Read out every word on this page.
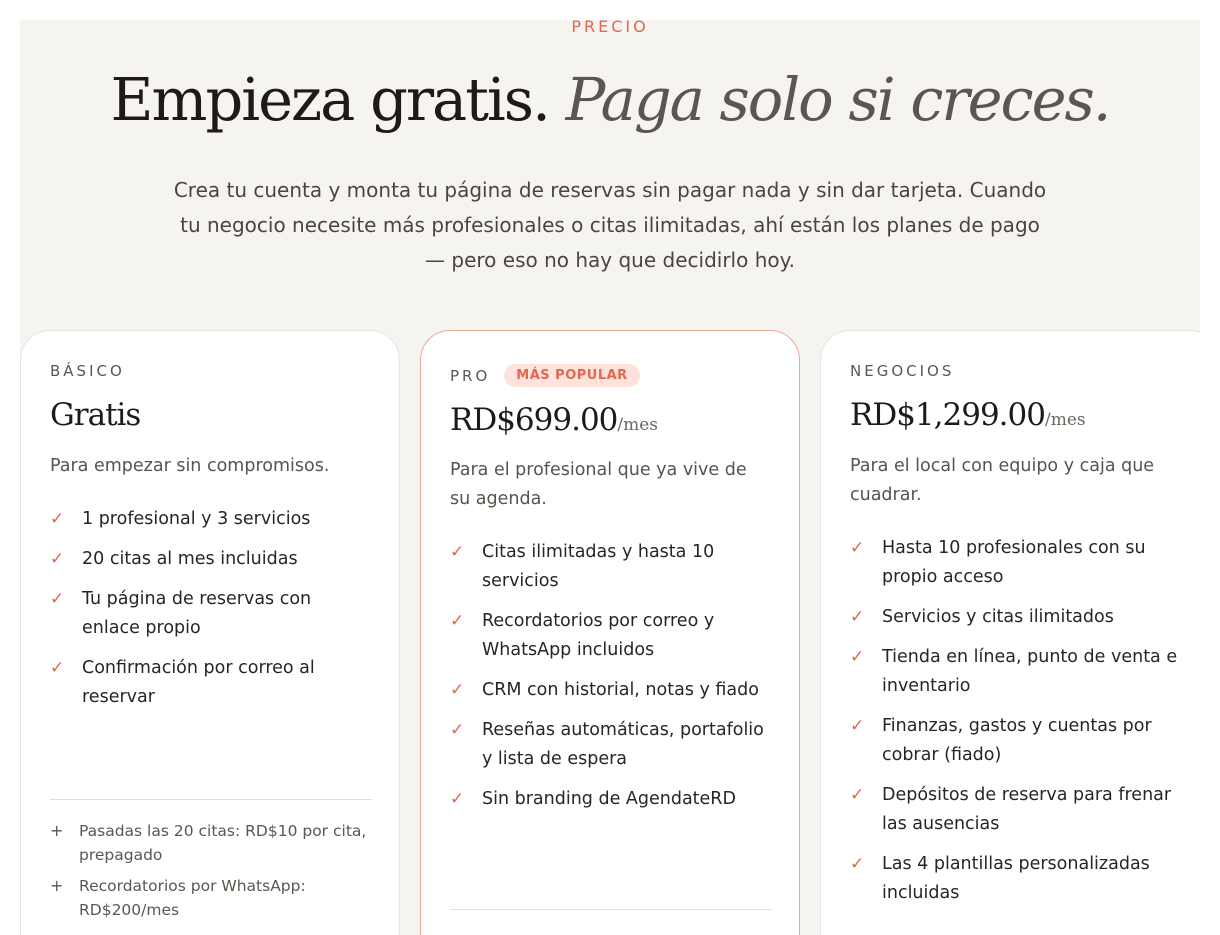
PRECIO
Empieza gratis. Paga solo si creces.
Crea tu cuenta y monta tu página de reservas sin pagar nada y sin dar tarjeta. Cuando tu negocio necesite más profesionales o citas ilimitadas, ahí están los planes de pago — pero eso no hay que decidirlo hoy.
BÁSICO
Gratis
Para empezar sin compromisos.
✓	1 profesional y 3 servicios
✓	20 citas al mes incluidas
✓	Tu página de reservas con enlace propio
✓	Confirmación por correo al reservar
+	Pasadas las 20 citas: RD$10 por cita, prepagado
+	Recordatorios por WhatsApp: RD$200/mes
PRO	MÁS POPULAR
RD$699.00/mes
Para el profesional que ya vive de su agenda.
✓	Citas ilimitadas y hasta 10 servicios
✓	Recordatorios por correo y WhatsApp incluidos
✓	CRM con historial, notas y fiado
✓	Reseñas automáticas, portafolio y lista de espera
✓	Sin branding de AgendateRD
NEGOCIOS
RD$1,299.00/mes
Para el local con equipo y caja que cuadrar.
✓	Hasta 10 profesionales con su propio acceso
✓	Servicios y citas ilimitados
✓	Tienda en línea, punto de venta e inventario
✓	Finanzas, gastos y cuentas por cobrar (fiado)
✓	Depósitos de reserva para frenar las ausencias
✓	Las 4 plantillas personalizadas incluidas
